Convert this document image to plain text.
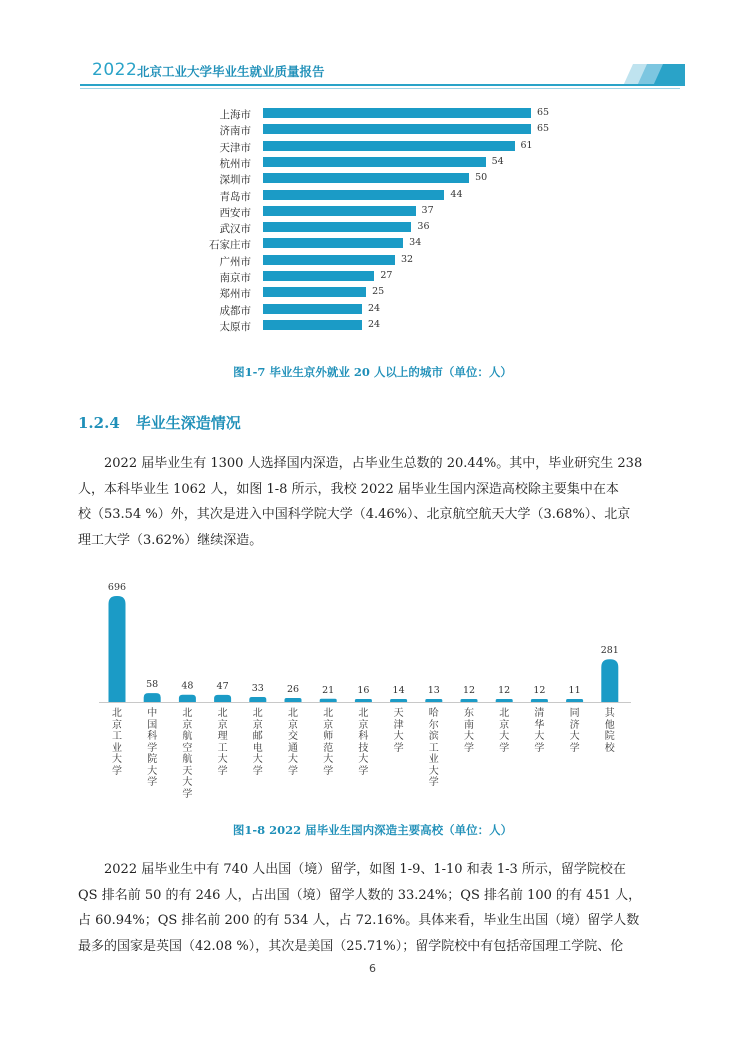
2022 北京工业大学毕业生就业质量报告
上海市	65
济南市	65
天津市	61
杭州市	54
深圳市	50
青岛市	44
西安市	37
武汉市	36
石家庄市	34
广州市	32
南京市	27
郑州市	25
成都市	24
太原市	24
图1-7 毕业生京外就业 20 人以上的城市（单位：人）
1.2.4 毕业生深造情况
2022 届毕业生有 1300 人选择国内深造，占毕业生总数的 20.44%。其中，毕业研究生 238
人，本科毕业生 1062 人，如图 1-8 所示，我校 2022 届毕业生国内深造高校除主要集中在本
校（53.54 %）外，其次是进入中国科学院大学（4.46%）、北京航空航天大学（3.68%）、北京
理工大学（3.62%）继续深造。
696
58 48 47 33 26 21 16 14 13 12 12 12 11
281
北京工业大学
中国科学院大学
北京航空航天大学
北京理工大学
北京邮电大学
北京交通大学
北京师范大学
北京科技大学
天津大学
哈尔滨工业大学
东南大学
北京大学
清华大学
同济大学
其他院校
图1-8 2022 届毕业生国内深造主要高校（单位：人）
2022 届毕业生中有 740 人出国（境）留学，如图 1-9、1-10 和表 1-3 所示，留学院校在
QS 排名前 50 的有 246 人，占出国（境）留学人数的 33.24%；QS 排名前 100 的有 451 人，
占 60.94%；QS 排名前 200 的有 534 人，占 72.16%。具体来看，毕业生出国（境）留学人数
最多的国家是英国（42.08 %），其次是美国（25.71%）；留学院校中有包括帝国理工学院、伦
6
